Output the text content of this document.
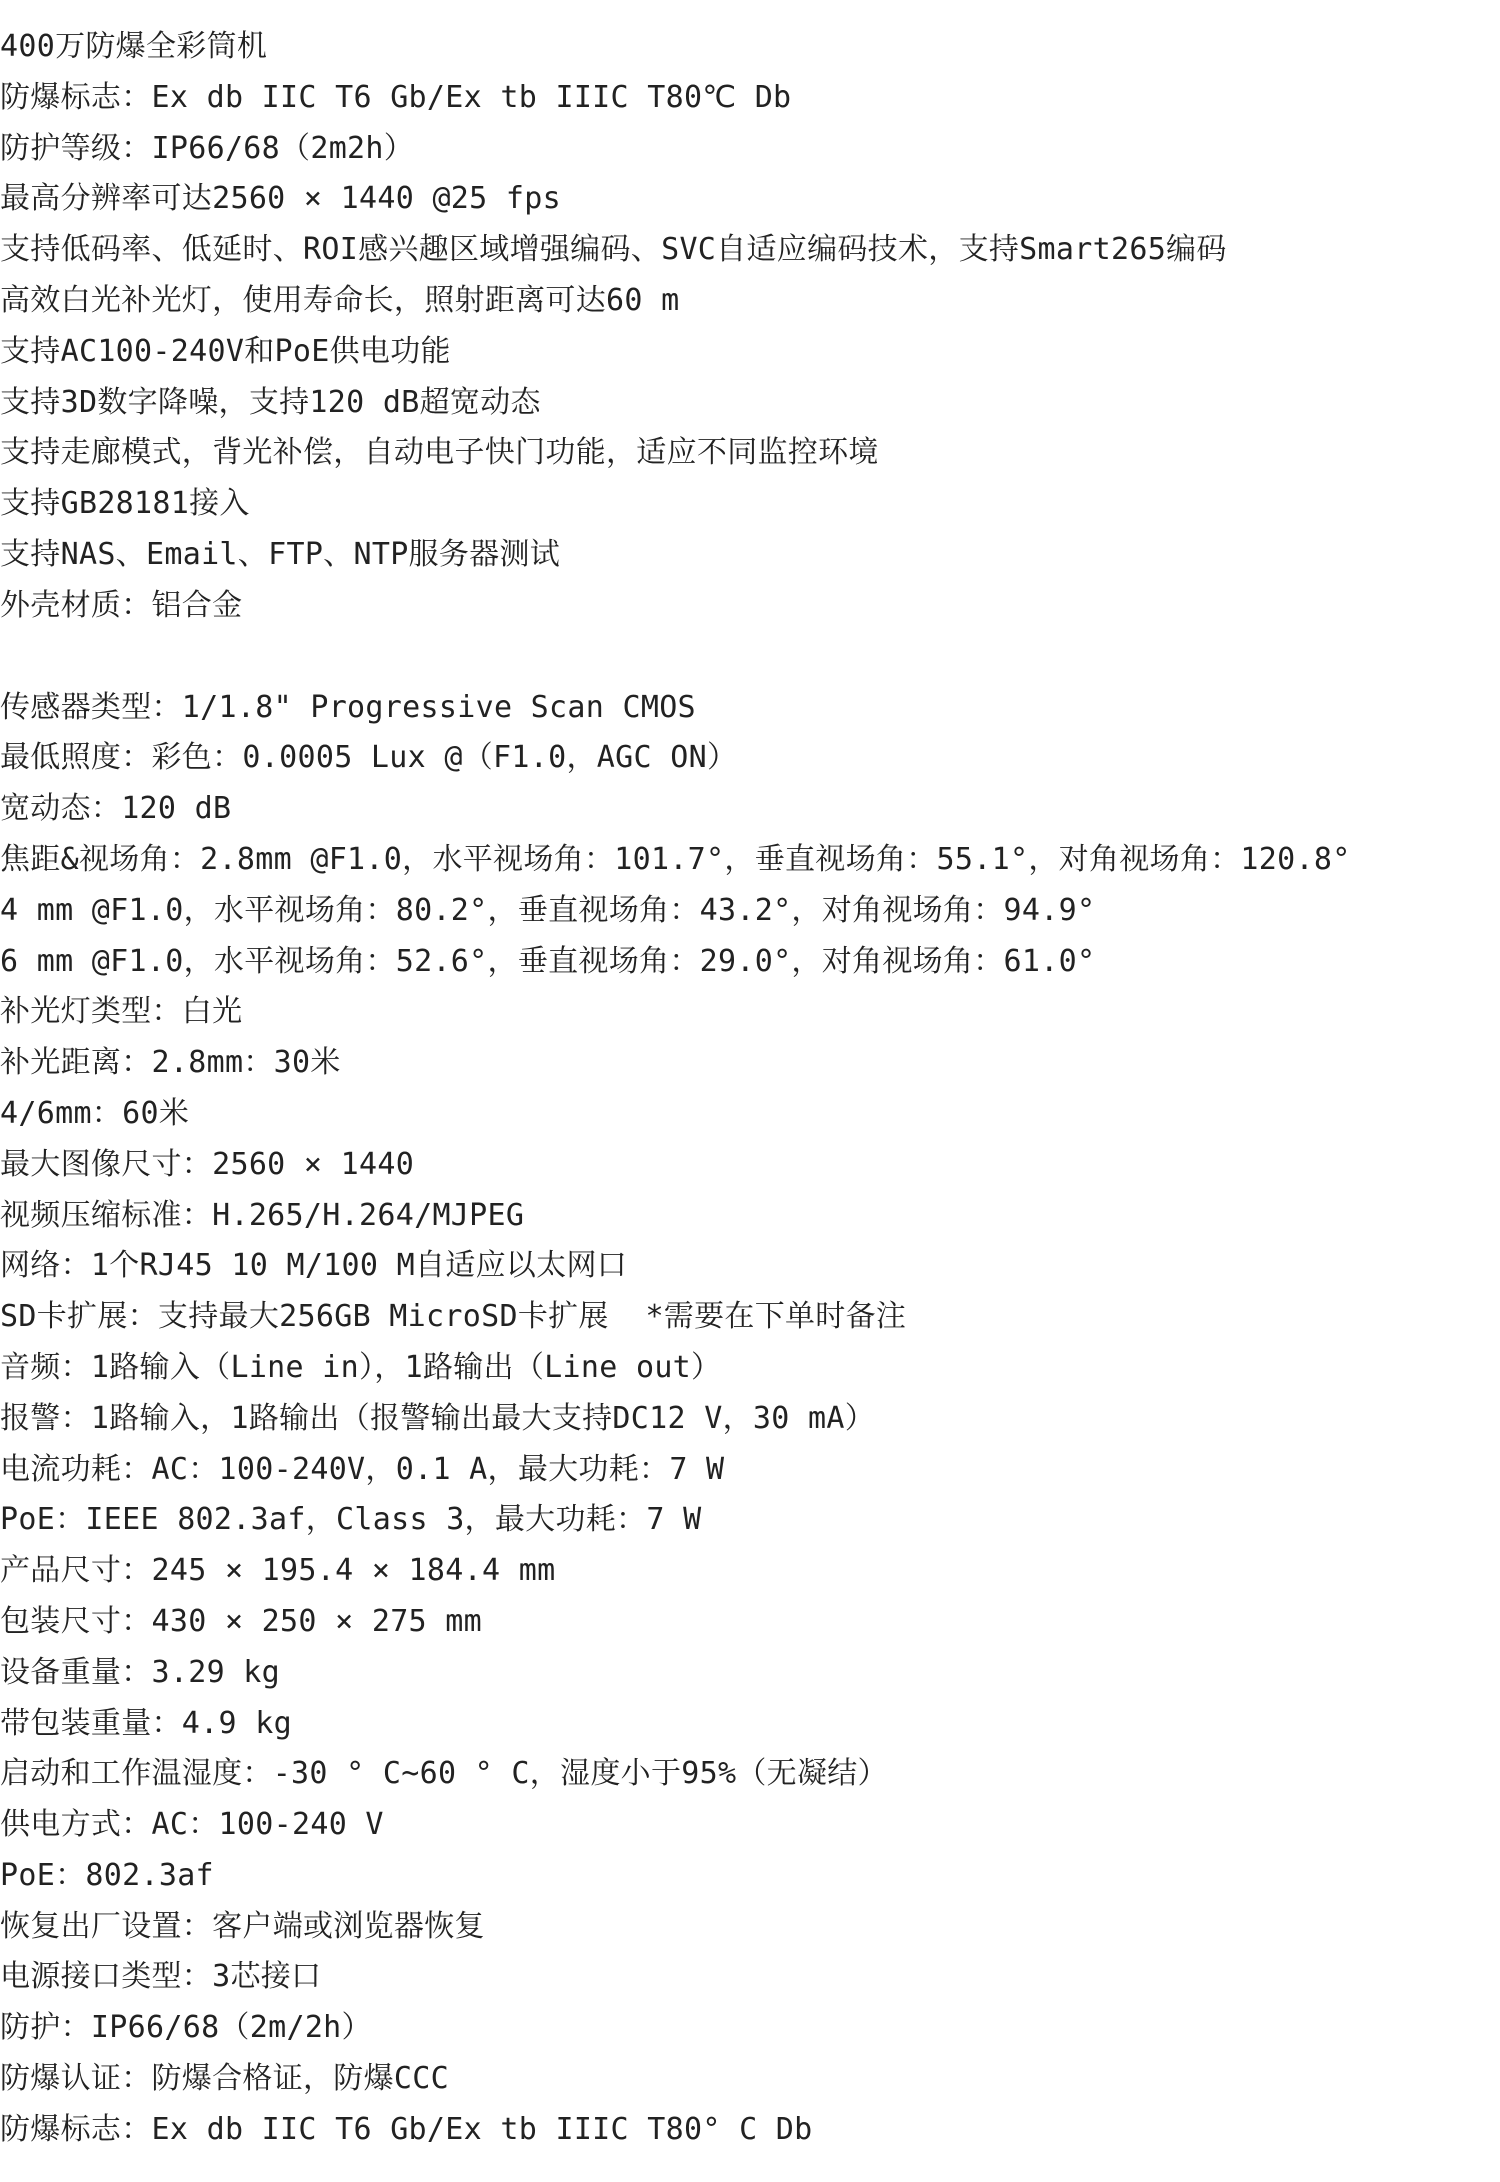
400万防爆全彩筒机
防爆标志：Ex db IIC T6 Gb/Ex tb IIIC T80℃ Db
防护等级：IP66/68（2m2h）
最高分辨率可达2560 × 1440 @25 fps
支持低码率、低延时、ROI感兴趣区域增强编码、SVC自适应编码技术，支持Smart265编码
高效白光补光灯，使用寿命长，照射距离可达60 m
支持AC100-240V和PoE供电功能
支持3D数字降噪，支持120 dB超宽动态
支持走廊模式，背光补偿，自动电子快门功能，适应不同监控环境
支持GB28181接入
支持NAS、Email、FTP、NTP服务器测试
外壳材质：铝合金
传感器类型：1/1.8" Progressive Scan CMOS
最低照度：彩色：0.0005 Lux @（F1.0，AGC ON）
宽动态：120 dB
焦距&视场角：2.8mm @F1.0，水平视场角：101.7°，垂直视场角：55.1°，对角视场角：120.8°
4 mm @F1.0，水平视场角：80.2°，垂直视场角：43.2°，对角视场角：94.9°
6 mm @F1.0，水平视场角：52.6°，垂直视场角：29.0°，对角视场角：61.0°
补光灯类型：白光
补光距离：2.8mm：30米
4/6mm：60米
最大图像尺寸：2560 × 1440
视频压缩标准：H.265/H.264/MJPEG
网络：1个RJ45 10 M/100 M自适应以太网口
SD卡扩展：支持最大256GB MicroSD卡扩展  *需要在下单时备注
音频：1路输入（Line in），1路输出（Line out）
报警：1路输入，1路输出（报警输出最大支持DC12 V，30 mA）
电流功耗：AC：100-240V，0.1 A，最大功耗：7 W
PoE：IEEE 802.3af，Class 3，最大功耗：7 W
产品尺寸：245 × 195.4 × 184.4 mm
包装尺寸：430 × 250 × 275 mm
设备重量：3.29 kg
带包装重量：4.9 kg
启动和工作温湿度：-30 ° C~60 ° C，湿度小于95%（无凝结）
供电方式：AC：100-240 V
PoE：802.3af
恢复出厂设置：客户端或浏览器恢复
电源接口类型：3芯接口
防护：IP66/68（2m/2h）
防爆认证：防爆合格证，防爆CCC
防爆标志：Ex db IIC T6 Gb/Ex tb IIIC T80° C Db
